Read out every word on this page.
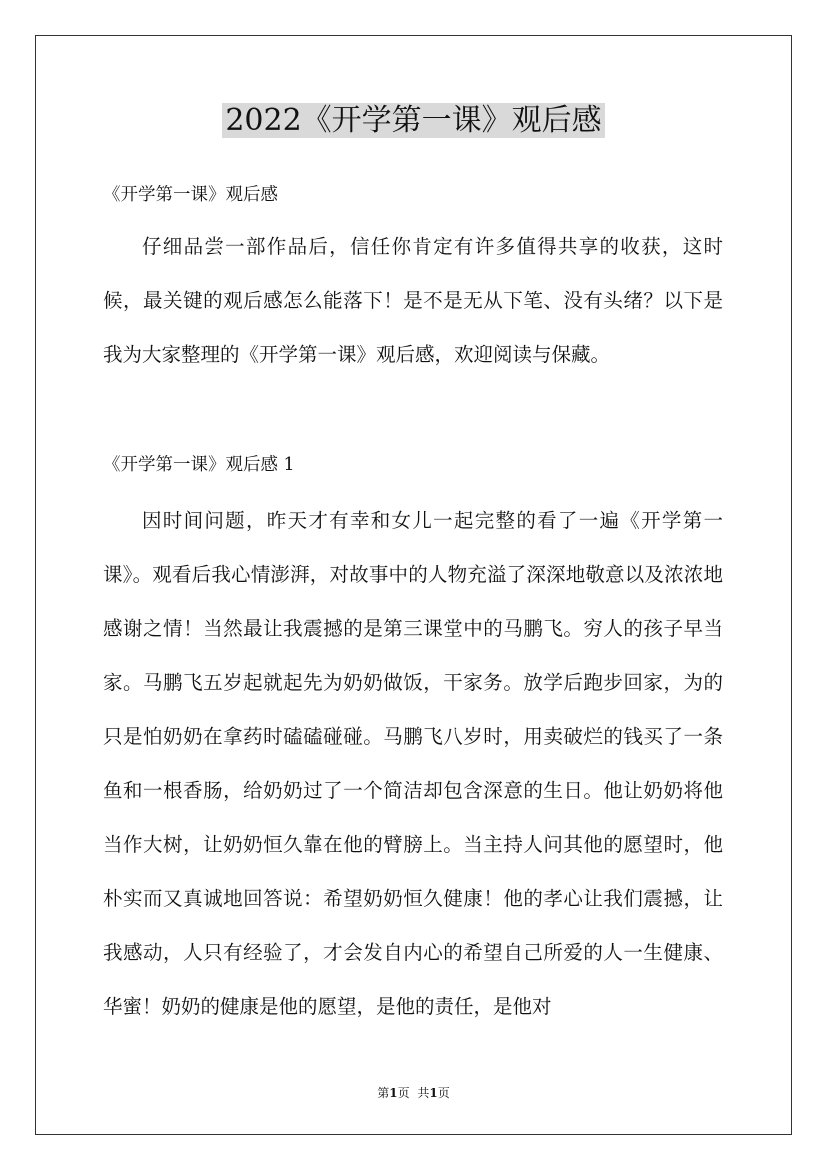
2022《开学第一课》观后感
《开学第一课》观后感
仔细品尝一部作品后，信任你肯定有许多值得共享的收获，这时候，最关键的观后感怎么能落下！是不是无从下笔、没有头绪？以下是我为大家整理的《开学第一课》观后感，欢迎阅读与保藏。
《开学第一课》观后感 1
因时间问题，昨天才有幸和女儿一起完整的看了一遍《开学第一课》。观看后我心情澎湃，对故事中的人物充溢了深深地敬意以及浓浓地感谢之情！当然最让我震撼的是第三课堂中的马鹏飞。穷人的孩子早当家。马鹏飞五岁起就起先为奶奶做饭，干家务。放学后跑步回家，为的只是怕奶奶在拿药时磕磕碰碰。马鹏飞八岁时，用卖破烂的钱买了一条鱼和一根香肠，给奶奶过了一个简洁却包含深意的生日。他让奶奶将他当作大树，让奶奶恒久靠在他的臂膀上。当主持人问其他的愿望时，他朴实而又真诚地回答说：希望奶奶恒久健康！他的孝心让我们震撼，让我感动，人只有经验了，才会发自内心的希望自己所爱的人一生健康、华蜜！奶奶的健康是他的愿望，是他的责任，是他对
第1页 共1页
